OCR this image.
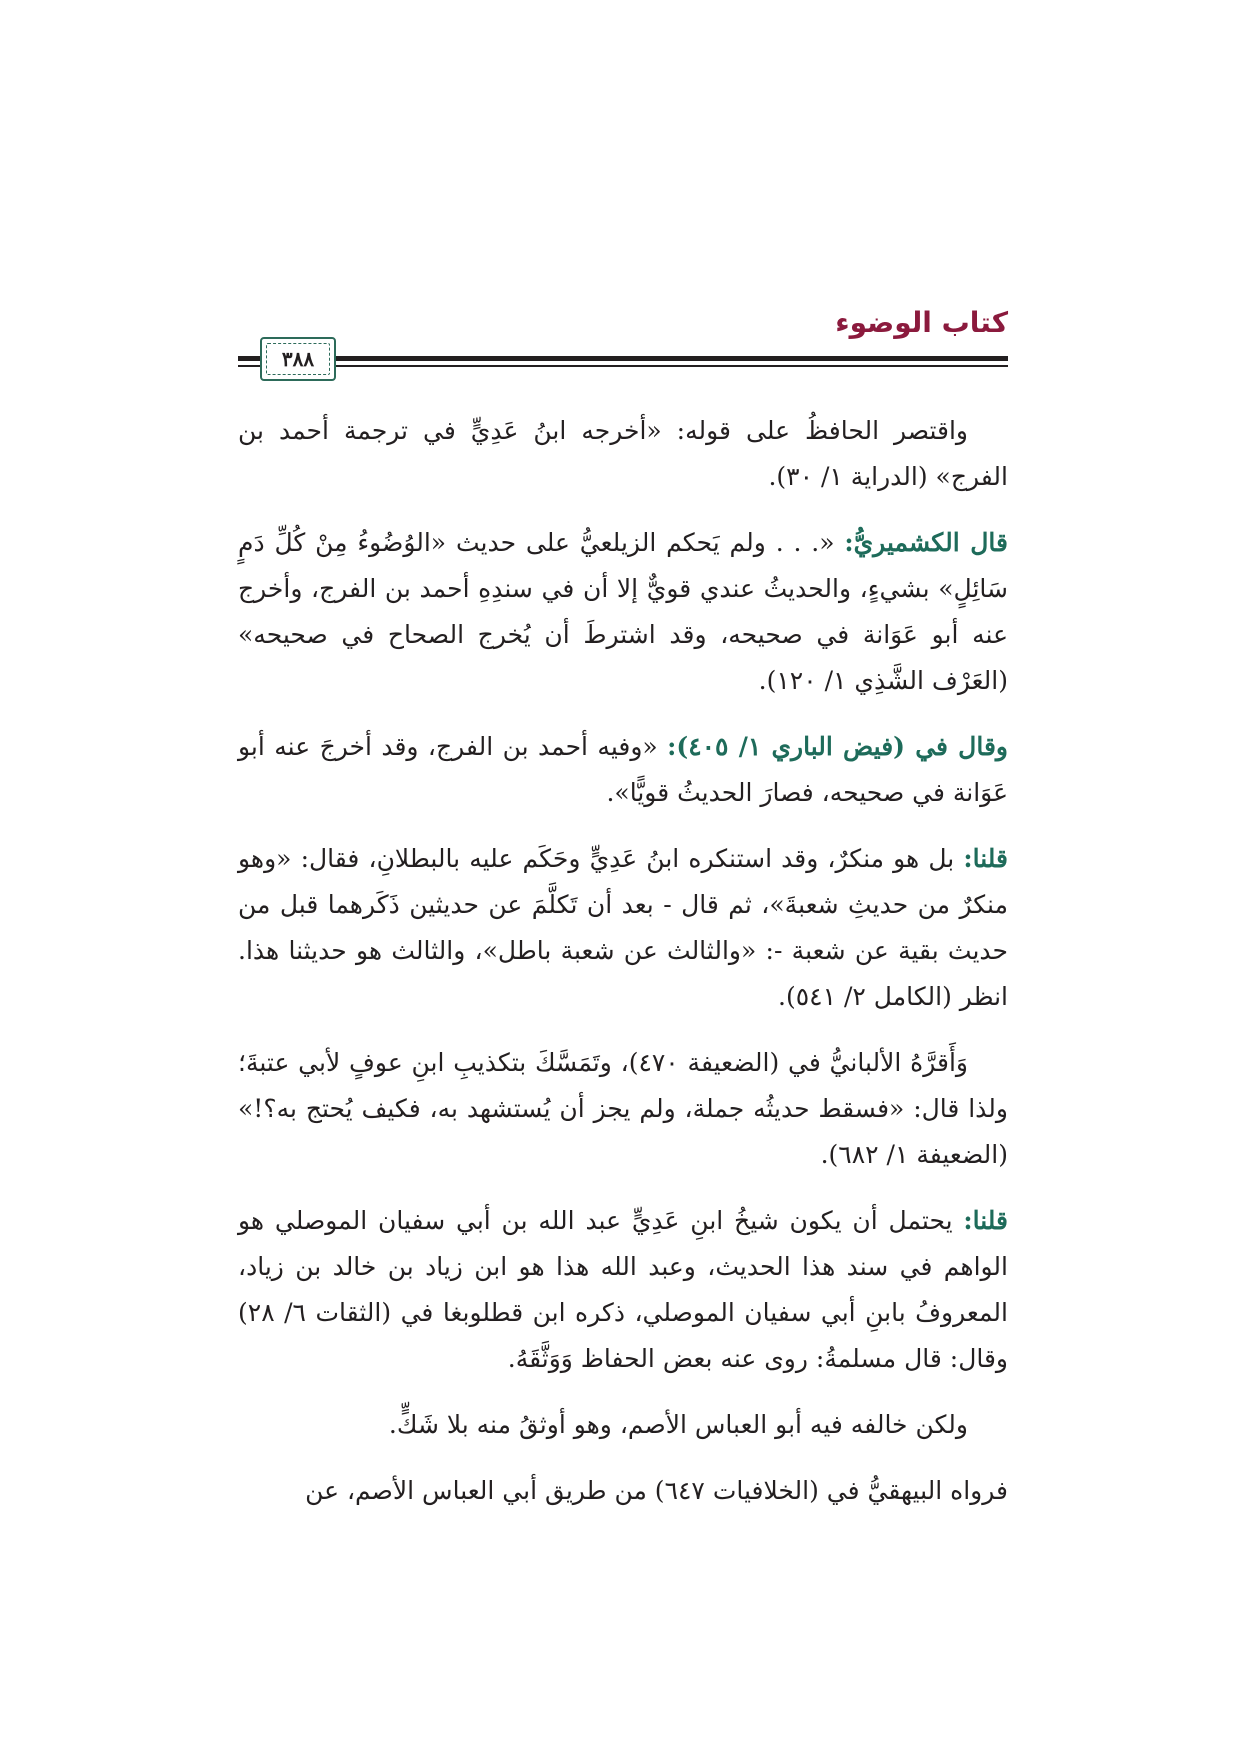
كتاب الوضوء
٣٨٨

واقتصر الحافظُ على قوله: «أخرجه ابنُ عَدِيٍّ في ترجمة أحمد بن الفرج» (الدراية ١/ ٣٠).

قال الكشميريُّ: «. . . ولم يَحكم الزيلعيُّ على حديث «الوُضُوءُ مِنْ كُلِّ دَمٍ سَائِلٍ» بشيءٍ، والحديثُ عندي قويٌّ إلا أن في سندِهِ أحمد بن الفرج، وأخرج عنه أبو عَوَانة في صحيحه، وقد اشترطَ أن يُخرج الصحاح في صحيحه» (العَرْف الشَّذِي ١/ ١٢٠).

وقال في (فيض الباري ١/ ٤٠٥): «وفيه أحمد بن الفرج، وقد أخرجَ عنه أبو عَوَانة في صحيحه، فصارَ الحديثُ قويًّا».

قلنا: بل هو منكرٌ، وقد استنكره ابنُ عَدِيٍّ وحَكَم عليه بالبطلانِ، فقال: «وهو منكرٌ من حديثِ شعبةَ»، ثم قال - بعد أن تَكلَّمَ عن حديثين ذَكَرهما قبل من حديث بقية عن شعبة -: «والثالث عن شعبة باطل»، والثالث هو حديثنا هذا. انظر (الكامل ٢/ ٥٤١).

وَأَقرَّهُ الألبانيُّ في (الضعيفة ٤٧٠)، وتَمَسَّكَ بتكذيبِ ابنِ عوفٍ لأبي عتبةَ؛ ولذا قال: «فسقط حديثُه جملة، ولم يجز أن يُستشهد به، فكيف يُحتج به؟!» (الضعيفة ١/ ٦٨٢).

قلنا: يحتمل أن يكون شيخُ ابنِ عَدِيٍّ عبد الله بن أبي سفيان الموصلي هو الواهم في سند هذا الحديث، وعبد الله هذا هو ابن زياد بن خالد بن زياد، المعروفُ بابنِ أبي سفيان الموصلي، ذكره ابن قطلوبغا في (الثقات ٦/ ٢٨) وقال: قال مسلمةُ: روى عنه بعض الحفاظ وَوَثَّقَهُ.

ولكن خالفه فيه أبو العباس الأصم، وهو أوثقُ منه بلا شَكٍّ.

فرواه البيهقيُّ في (الخلافيات ٦٤٧) من طريق أبي العباس الأصم، عن
